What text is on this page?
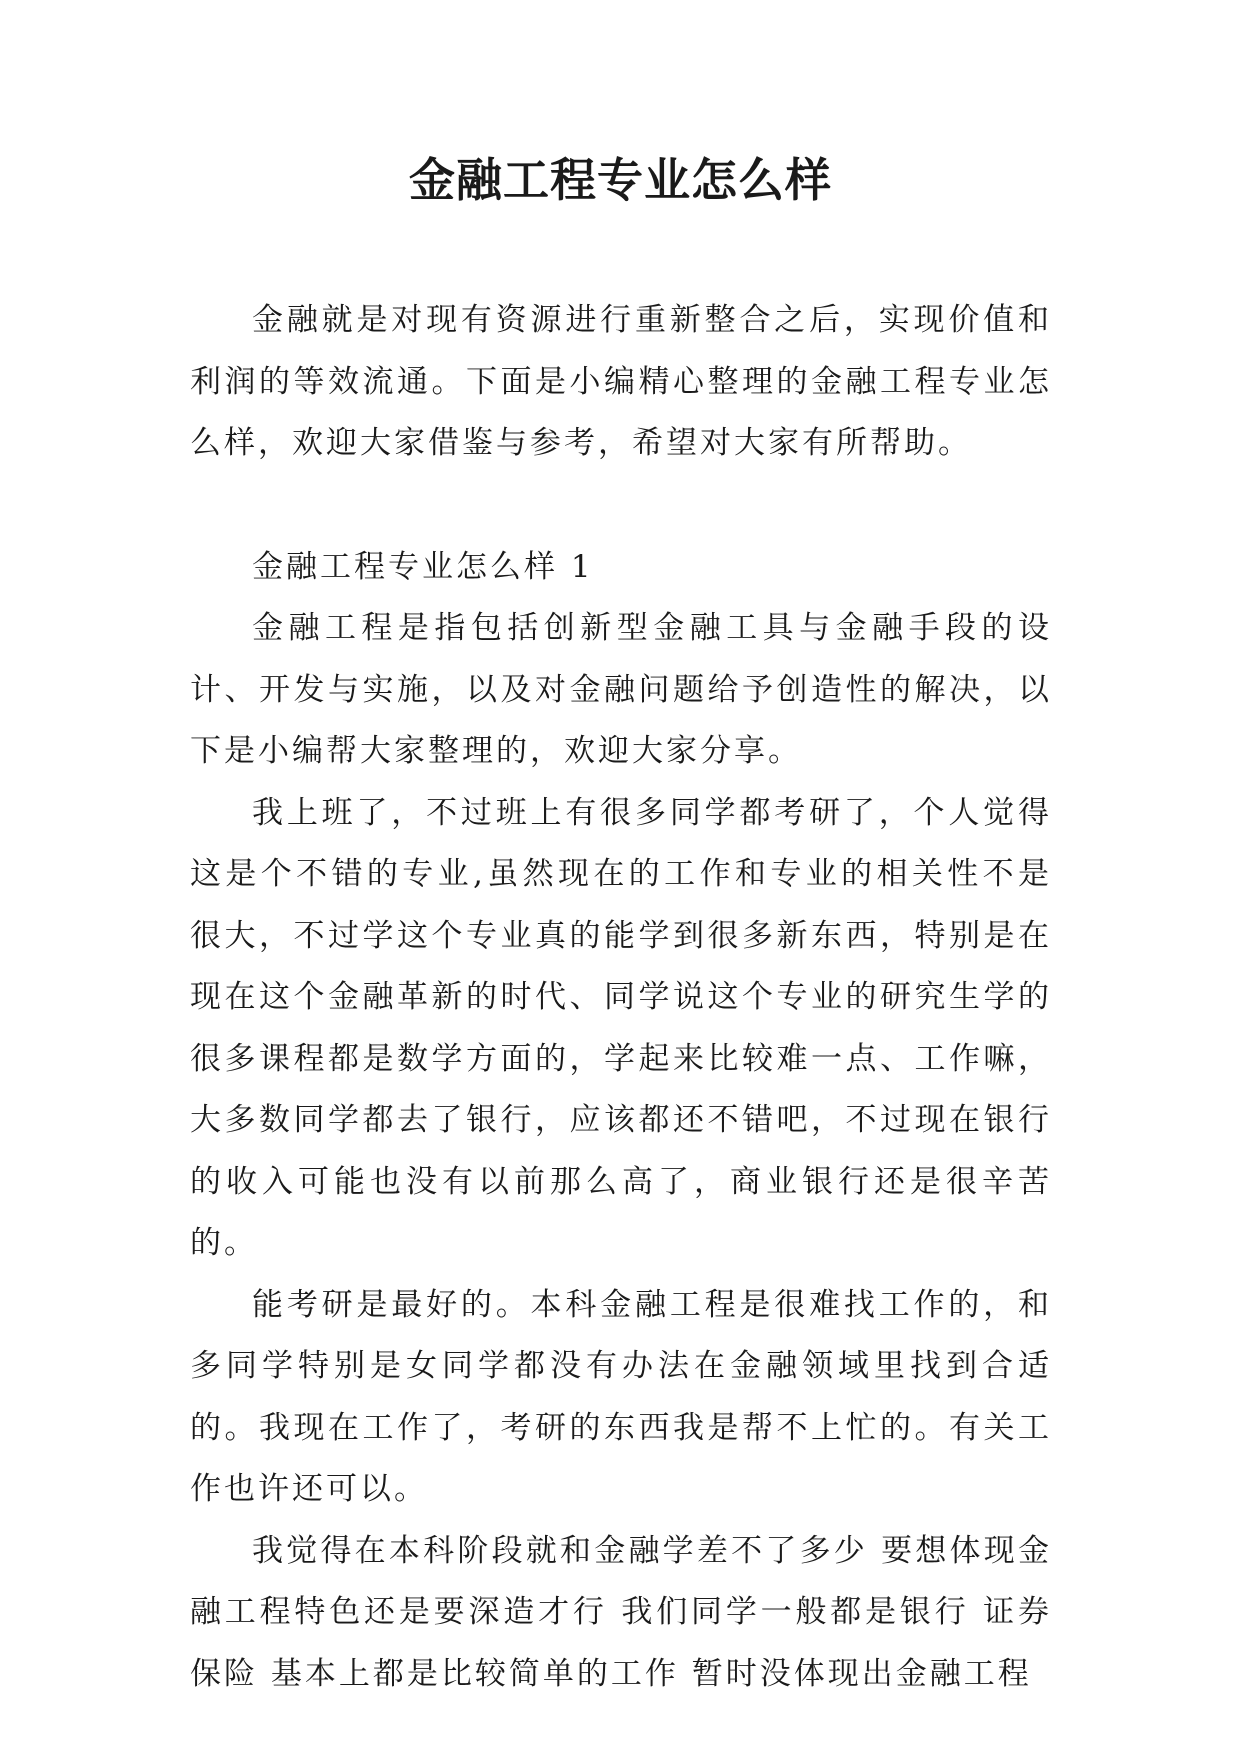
金融工程专业怎么样

金融就是对现有资源进行重新整合之后，实现价值和利润的等效流通。下面是小编精心整理的金融工程专业怎么样，欢迎大家借鉴与参考，希望对大家有所帮助。

金融工程专业怎么样 1

金融工程是指包括创新型金融工具与金融手段的设计、开发与实施，以及对金融问题给予创造性的解决，以下是小编帮大家整理的，欢迎大家分享。

我上班了，不过班上有很多同学都考研了，个人觉得这是个不错的专业,虽然现在的工作和专业的相关性不是很大，不过学这个专业真的能学到很多新东西，特别是在现在这个金融革新的时代、同学说这个专业的研究生学的很多课程都是数学方面的，学起来比较难一点、工作嘛，大多数同学都去了银行，应该都还不错吧，不过现在银行的收入可能也没有以前那么高了，商业银行还是很辛苦的。

能考研是最好的。本科金融工程是很难找工作的，和多同学特别是女同学都没有办法在金融领域里找到合适的。我现在工作了，考研的东西我是帮不上忙的。有关工作也许还可以。

我觉得在本科阶段就和金融学差不了多少 要想体现金融工程特色还是要深造才行 我们同学一般都是银行 证券保险 基本上都是比较简单的工作 暂时没体现出金融工程
